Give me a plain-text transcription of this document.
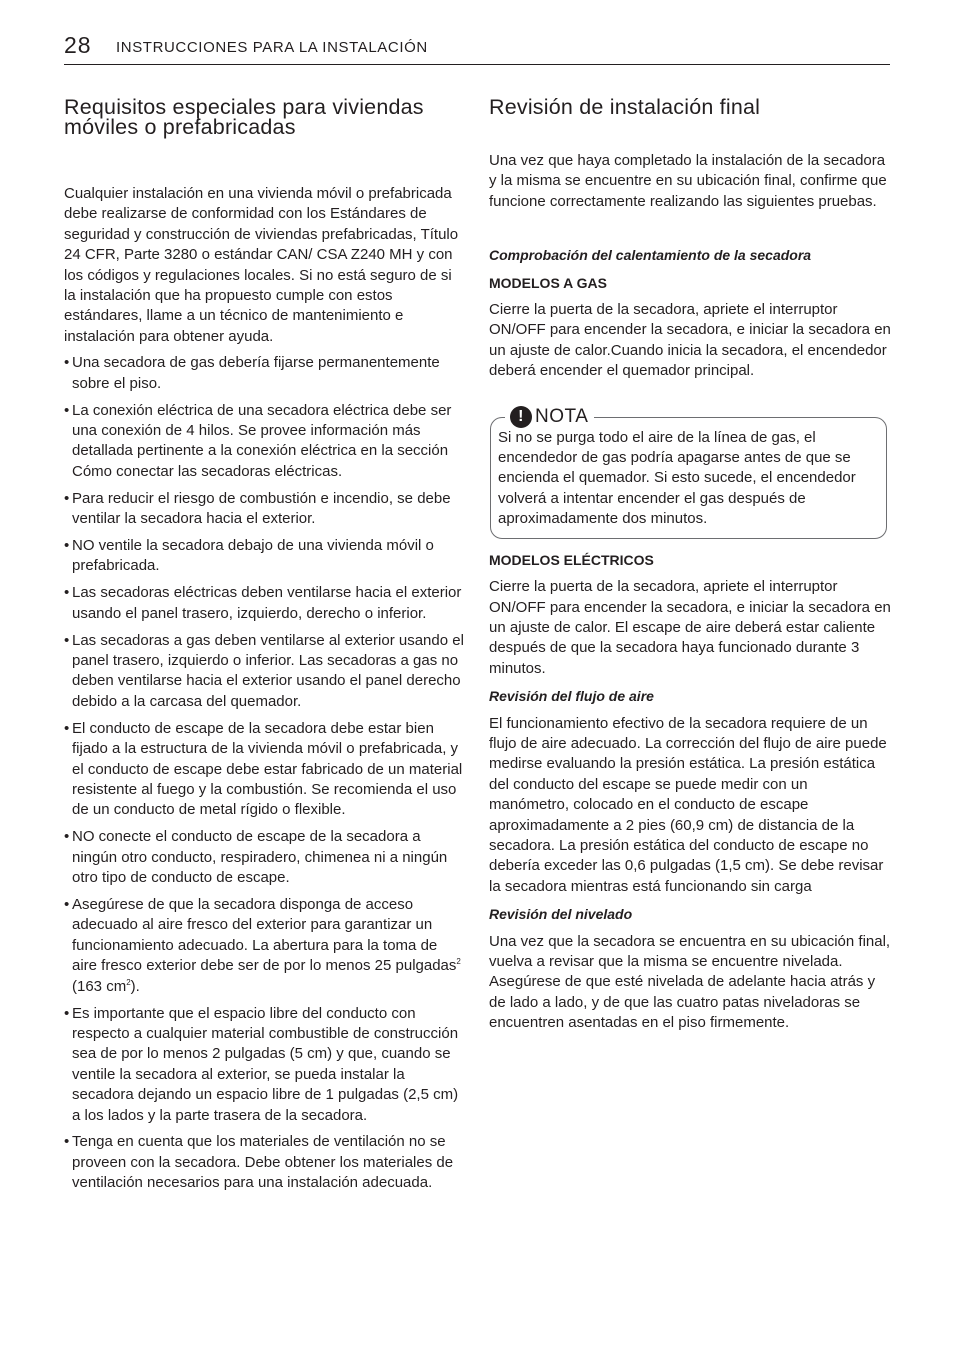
28 INSTRUCCIONES PARA LA INSTALACIÓN
Requisitos especiales para viviendas móviles o prefabricadas

Cualquier instalación en una vivienda móvil o prefabricada debe realizarse de conformidad con los Estándares de seguridad y construcción de viviendas prefabricadas, Título 24 CFR, Parte 3280 o estándar CAN/ CSA Z240 MH y con los códigos y regulaciones locales. Si no está seguro de si la instalación que ha propuesto cumple con estos estándares, llame a un técnico de mantenimiento e instalación para obtener ayuda.

• Una secadora de gas debería fijarse permanentemente sobre el piso.
• La conexión eléctrica de una secadora eléctrica debe ser una conexión de 4 hilos. Se provee información más detallada pertinente a la conexión eléctrica en la sección Cómo conectar las secadoras eléctricas.
• Para reducir el riesgo de combustión e incendio, se debe ventilar la secadora hacia el exterior.
• NO ventile la secadora debajo de una vivienda móvil o prefabricada.
• Las secadoras eléctricas deben ventilarse hacia el exterior usando el panel trasero, izquierdo, derecho o inferior.
• Las secadoras a gas deben ventilarse al exterior usando el panel trasero, izquierdo o inferior. Las secadoras a gas no deben ventilarse hacia el exterior usando el panel derecho debido a la carcasa del quemador.
• El conducto de escape de la secadora debe estar bien fijado a la estructura de la vivienda móvil o prefabricada, y el conducto de escape debe estar fabricado de un material resistente al fuego y la combustión. Se recomienda el uso de un conducto de metal rígido o flexible.
• NO conecte el conducto de escape de la secadora a ningún otro conducto, respiradero, chimenea ni a ningún otro tipo de conducto de escape.
• Asegúrese de que la secadora disponga de acceso adecuado al aire fresco del exterior para garantizar un funcionamiento adecuado. La abertura para la toma de aire fresco exterior debe ser de por lo menos 25 pulgadas$^2$ (163 $cm^2$).
• Es importante que el espacio libre del conducto con respecto a cualquier material combustible de construcción sea de por lo menos 2 pulgadas (5 cm) y que, cuando se ventile la secadora al exterior, se pueda instalar la secadora dejando un espacio libre de 1 pulgadas (2,5 cm) a los lados y la parte trasera de la secadora.
• Tenga en cuenta que los materiales de ventilación no se proveen con la secadora. Debe obtener los materiales de ventilación necesarios para una instalación adecuada.
Revisión de instalación final

Una vez que haya completado la instalación de la secadora y la misma se encuentre en su ubicación final, confirme que funcione correctamente realizando las siguientes pruebas.

Comprobación del calentamiento de la secadora

MODELOS A GAS

Cierre la puerta de la secadora, apriete el interruptor ON/OFF para encender la secadora, e iniciar la secadora en un ajuste de calor.Cuando inicia la secadora, el encendedor deberá encender el quemador principal.

! NOTA

Si no se purga todo el aire de la línea de gas, el encendedor de gas podría apagarse antes de que se encienda el quemador. Si esto sucede, el encendedor volverá a intentar encender el gas después de aproximadamente dos minutos.

MODELOS ELÉCTRICOS

Cierre la puerta de la secadora, apriete el interruptor ON/OFF para encender la secadora, e iniciar la secadora en un ajuste de calor. El escape de aire deberá estar caliente después de que la secadora haya funcionado durante 3 minutos.

Revisión del flujo de aire

El funcionamiento efectivo de la secadora requiere de un flujo de aire adecuado. La corrección del flujo de aire puede medirse evaluando la presión estática. La presión estática del conducto del escape se puede medir con un manómetro, colocado en el conducto de escape aproximadamente a 2 pies (60,9 cm) de distancia de la secadora. La presión estática del conducto de escape no debería exceder las 0,6 pulgadas (1,5 cm). Se debe revisar la secadora mientras está funcionando sin carga

Revisión del nivelado

Una vez que la secadora se encuentra en su ubicación final, vuelva a revisar que la misma se encuentre nivelada. Asegúrese de que esté nivelada de adelante hacia atrás y de lado a lado, y de que las cuatro patas niveladoras se encuentren asentadas en el piso firmemente.
